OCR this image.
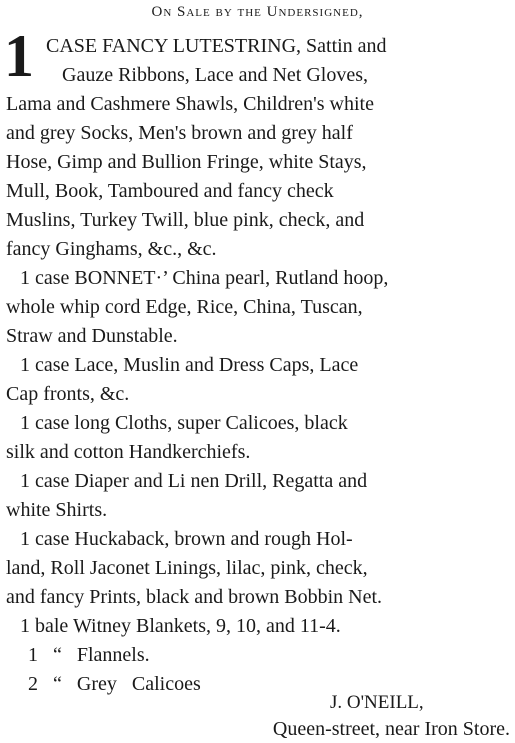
On Sale by the Undersigned,
1 CASE FANCY LUTESTRING, Sattin and
Gauze Ribbons, Lace and Net Gloves,
Lama and Cashmere Shawls, Children's white
and grey Socks, Men's brown and grey half
Hose, Gimp and Bullion Fringe, white Stays,
Mull, Book, Tamboured and fancy check
Muslins, Turkey Twill, blue pink, check, and
fancy Ginghams, &c., &c.
1 case BONNET·’ China pearl, Rutland hoop,
whole whip cord Edge, Rice, China, Tuscan,
Straw and Dunstable.
1 case Lace, Muslin and Dress Caps, Lace
Cap fronts, &c.
1 case long Cloths, super Calicoes, black
silk and cotton Handkerchiefs.
1 case Diaper and Li nen Drill, Regatta and
white Shirts.
1 case Huckaback, brown and rough Hol-
land, Roll Jaconet Linings, lilac, pink, check,
and fancy Prints, black and brown Bobbin Net.
1 bale Witney Blankets, 9, 10, and 11-4.
1 “ Flannels.
2 “ Grey Calicoes
J. O'NEILL,
Queen-street, near Iron Store.
